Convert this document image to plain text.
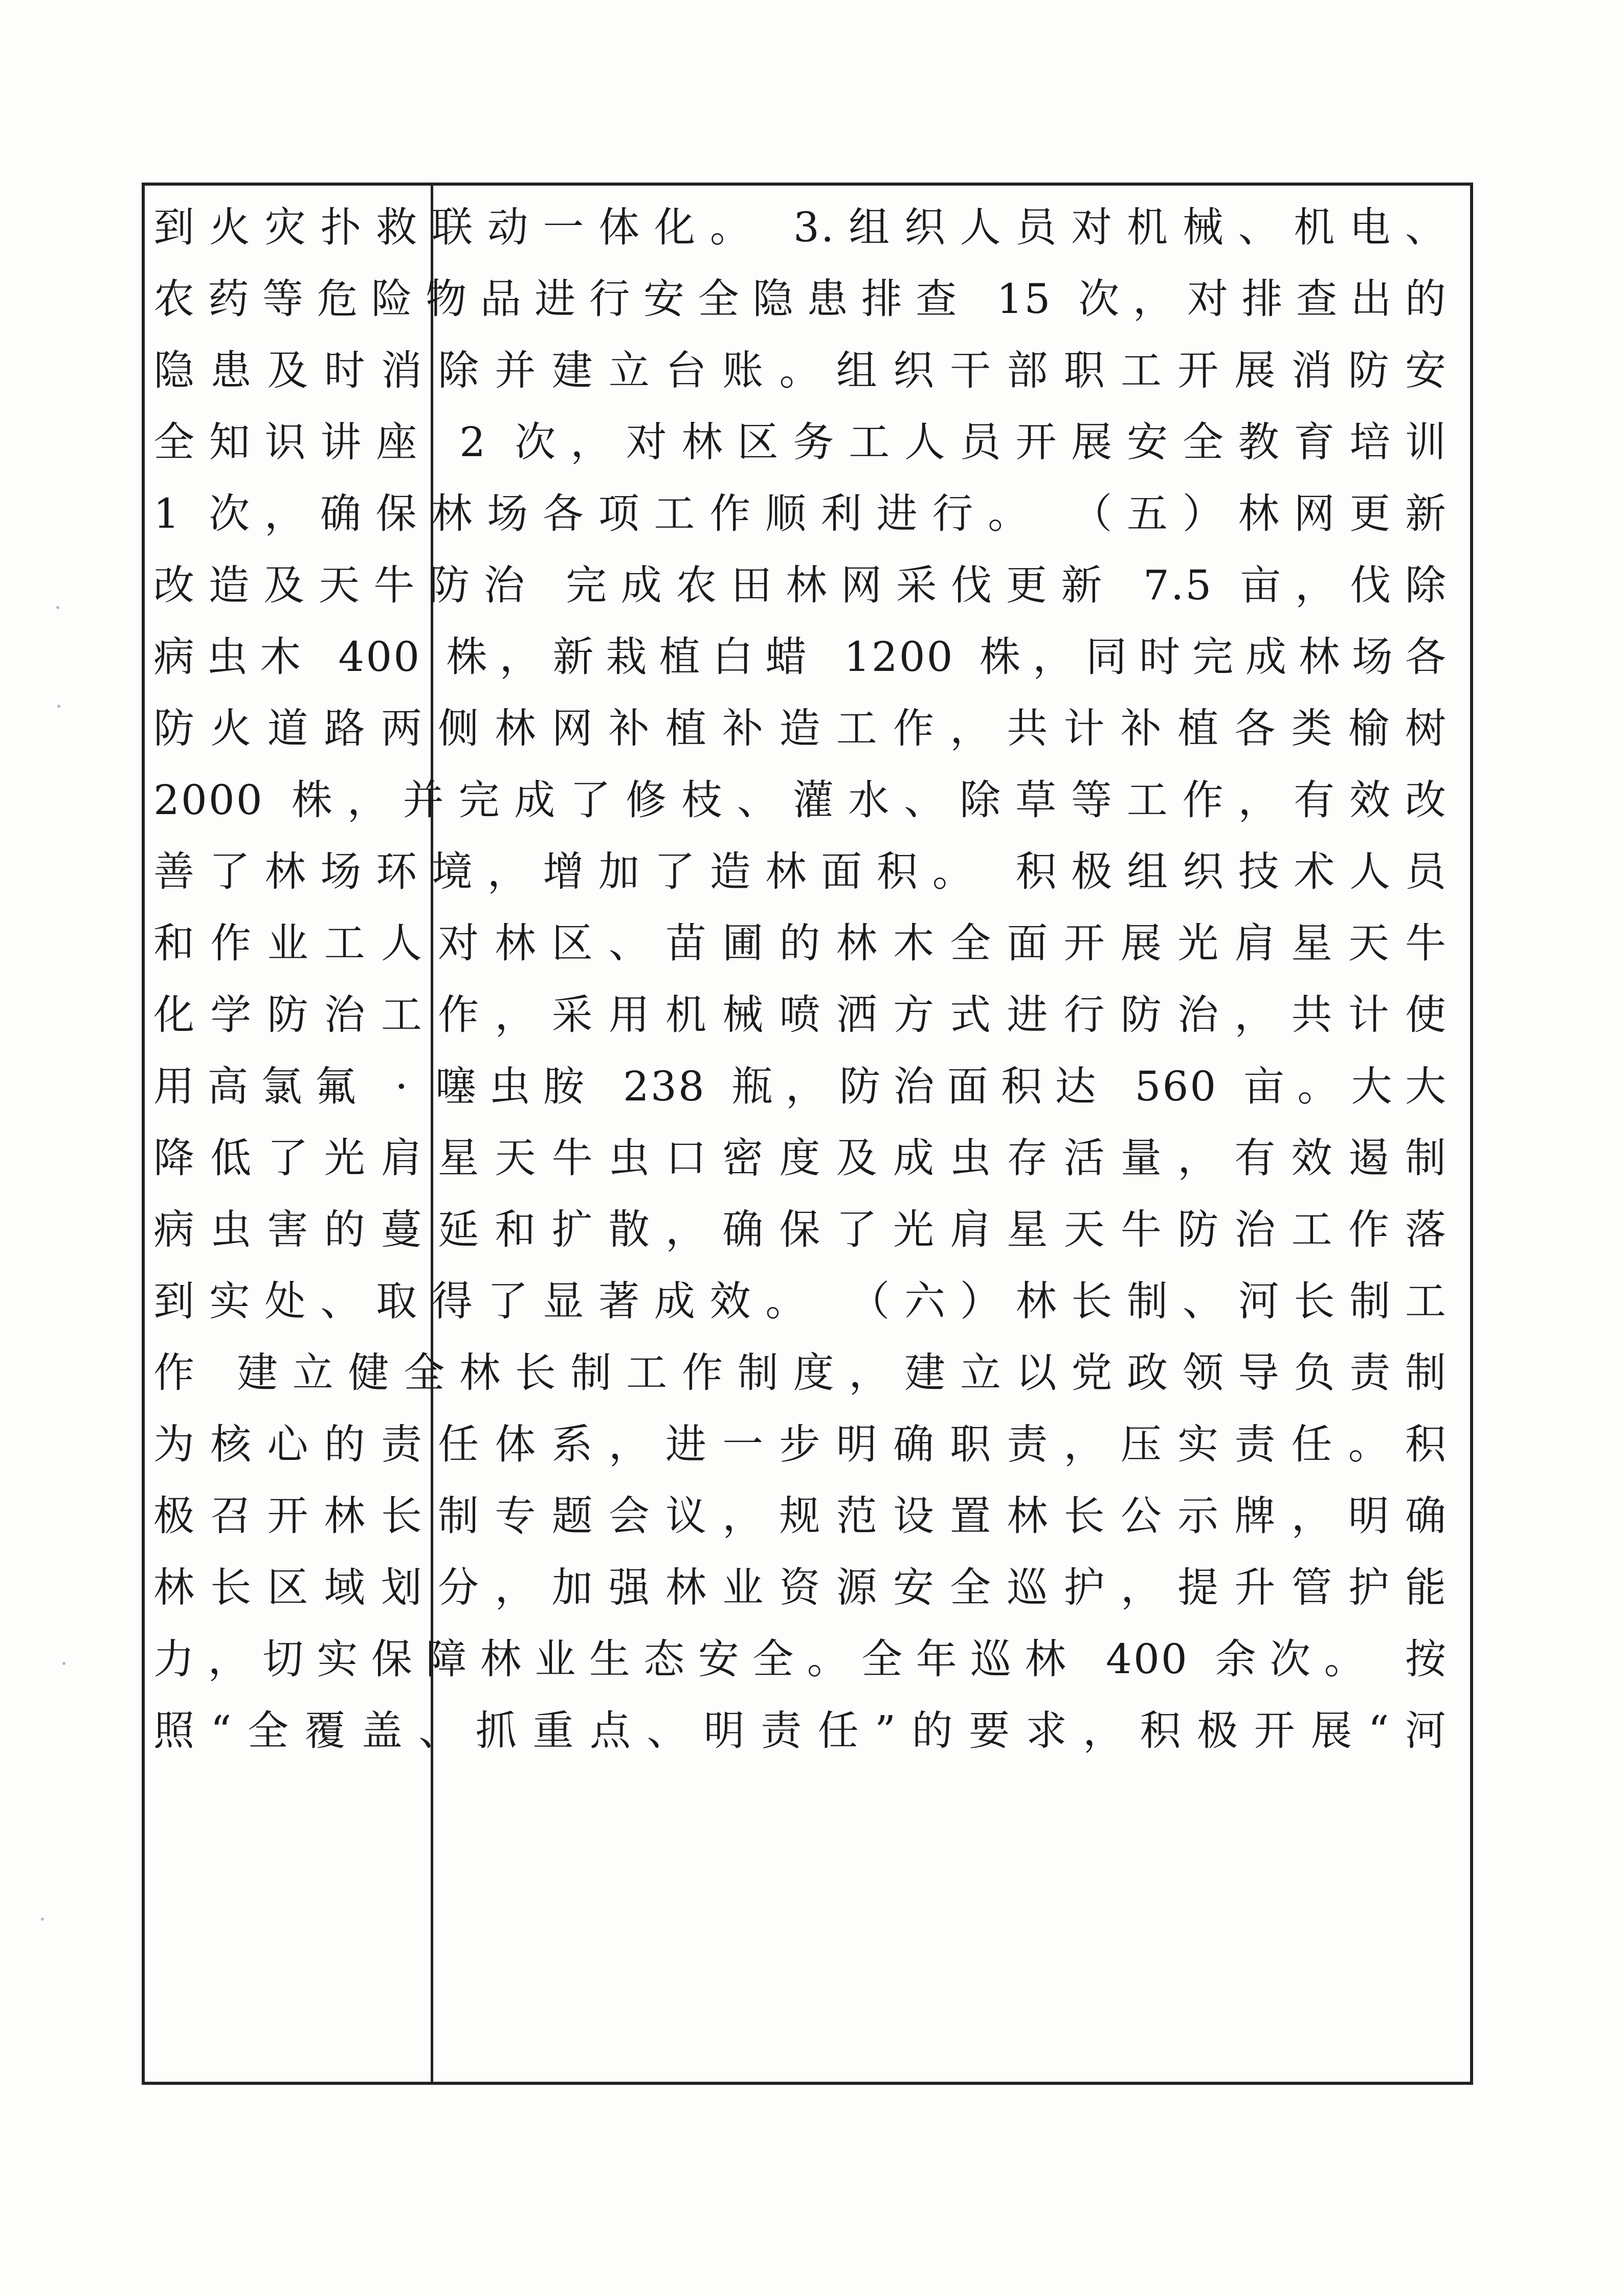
到火灾扑救联动一体化。 3.组织人员对机械、机电、
农药等危险物品进行安全隐患排查 15 次，对排查出的
隐患及时消除并建立台账。组织干部职工开展消防安
全知识讲座 2 次，对林区务工人员开展安全教育培训
1 次，确保林场各项工作顺利进行。 （五）林网更新
改造及天牛防治 完成农田林网采伐更新 7.5 亩，伐除
病虫木 400 株，新栽植白蜡 1200 株，同时完成林场各
防火道路两侧林网补植补造工作，共计补植各类榆树
2000 株，并完成了修枝、灌水、除草等工作，有效改
善了林场环境，增加了造林面积。 积极组织技术人员
和作业工人对林区、苗圃的林木全面开展光肩星天牛
化学防治工作，采用机械喷洒方式进行防治，共计使
用高氯氟 · 噻虫胺 238 瓶，防治面积达 560 亩。大大
降低了光肩星天牛虫口密度及成虫存活量，有效遏制
病虫害的蔓延和扩散，确保了光肩星天牛防治工作落
到实处、取得了显著成效。 （六）林长制、河长制工
作 建立健全林长制工作制度，建立以党政领导负责制
为核心的责任体系，进一步明确职责，压实责任。积
极召开林长制专题会议，规范设置林长公示牌，明确
林长区域划分，加强林业资源安全巡护，提升管护能
力，切实保障林业生态安全。全年巡林 400 余次。 按
照“全覆盖、抓重点、明责任”的要求，积极开展“河
